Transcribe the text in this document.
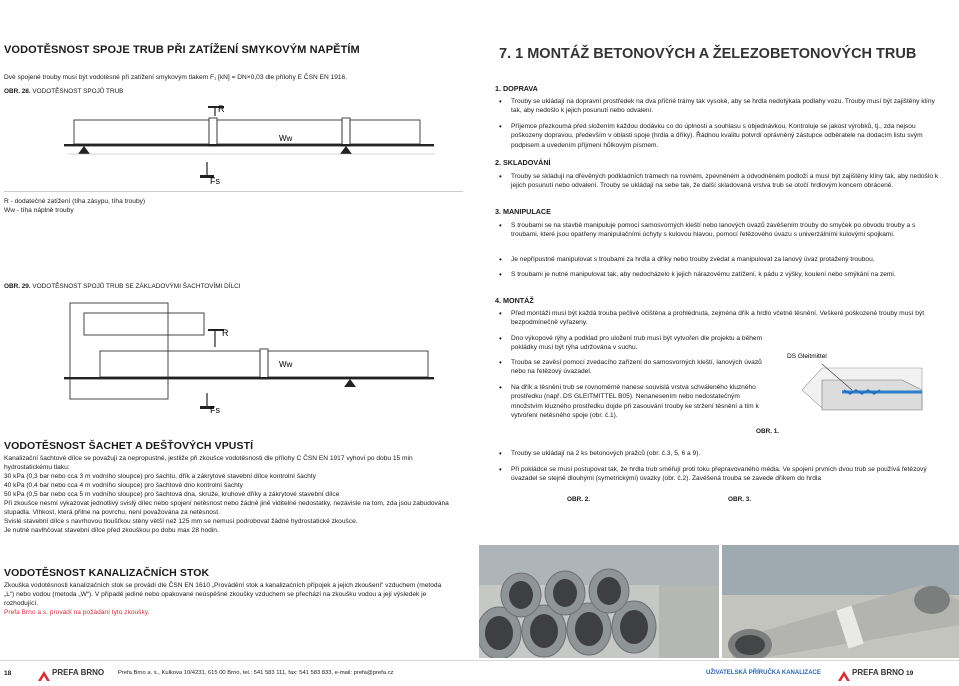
VODOTĚSNOST SPOJE TRUB PŘI ZATÍŽENÍ SMYKOVÝM NAPĚTÍM
Dvě spojené trouby musí být vodotěsné při zatížení smykovým tlakem F₁ [kN] = DN×0,03 dle přílohy E ČSN EN 1916.
OBR. 28. VODOTĚSNOST SPOJŮ TRUB
R
Ww
Fs
R - dodatečné zatížení (tíha zásypu, tíha trouby)
Ww - tíha náplně trouby
OBR. 29. VODOTĚSNOST SPOJŮ TRUB SE ZÁKLADOVÝMI ŠACHTOVÍMI DÍLCI
R
Ww
Fs
VODOTĚSNOST ŠACHET A DEŠŤOVÝCH VPUSTÍ
Kanalizační šachtové dílce se považují za nepropustné, jestliže při zkoušce vodotěsnosti dle přílohy C ČSN EN 1917 vyhoví po dobu 15 min hydrostatickému tlaku:
30 kPa (0,3 bar nebo cca 3 m vodního sloupce) pro šachtu, dřík a zákrytové stavební dílce kontrolní šachty
40 kPa (0,4 bar nebo cca 4 m vodního sloupce) pro šachtové dno kontrolní šachty
50 kPa (0,5 bar nebo cca 5 m vodního sloupce) pro šachtová dna, skruže, kruhové dříky a zákrytové stavební dílce
Při zkoušce nesmí vykazovat jednotlivý svislý dílec nebo spojení netěsnost nebo žádné jiné viditelné nedostatky, nezávisle na tom, zda jsou zabudována stupadla. Vlhkost, která přilne na povrchu, není považována za netěsnost.
Svislé stavební dílce s navrhovou tloušťkou stěny větší než 125 mm se nemusí podrobovat žádné hydrostatické zkoušce.
Je nutné navlhčovat stavební dílce před zkouškou po dobu max 28 hodin.
VODOTĚSNOST KANALIZAČNÍCH STOK
Zkouška vodotěsnosti kanalizačních stok se provádí dle ČSN EN 1610 „Provádění stok a kanalizačních přípojek a jejich zkoušení“ vzduchem (metoda „L“) nebo vodou (metoda „W“). V případě jediné nebo opakované neúspěšné zkoušky vzduchem se přechází na zkoušku vodou a její výsledek je rozhodující.
Prefa Brno a.s. provádí na požádání tyto zkoušky.
7. 1 MONTÁŽ BETONOVÝCH A ŽELEZOBETONOVÝCH TRUB
1. DOPRAVA
• Trouby se ukládají na dopravní prostředek na dva příčné trámy tak vysoké, aby se hrdla nedotýkala podlahy vozu. Trouby musí být zajištěny klíny tak, aby nedošlo k jejich posunutí nebo odvalení.
• Příjemce přezkoumá před složením každou dodávku co do úplnosti a souhlasu s objednávkou. Kontroluje se jakost výrobků, tj., zda nejsou poškozeny dopravou, především v oblasti spoje (hrdla a dříky). Řádnou kvalitu potvrdí oprávněný zástupce odběratele na dodacím listu svým podpisem a uvedením příjmení hůlkovým písmem.
2. SKLADOVÁNÍ
• Trouby se skladují na dřevěných podkladních trámech na rovném, zpevněném a odvodněném podloží a musí být zajištěny klíny tak, aby nedošlo k jejich posunutí nebo odvalení. Trouby se ukládají na sebe tak, že další skladovaná vrstva trub se otočí hrdlovým koncem obráceně.
3. MANIPULACE
• S troubami se na stavbě manipuluje pomocí samosvorných kleští nebo lanových úvazů zavěšením trouby do smyček po obvodu trouby a s troubami, které jsou opatřeny manipulačními úchyty s kulovou hlavou, pomocí řetězového úvazu s univerzálními kulovými spojkami.
• Je nepřípustné manipulovat s troubami za hrdla a dříky nebo trouby zvedat a manipulovat za lanový úvaz protažený troubou.
• S troubami je nutné manipulovat tak, aby nedocházelo k jejich nárazovému zatížení, k pádu z výšky, koulení nebo smýkání na zemi.
4. MONTÁŽ
• Před montáží musí být každá trouba pečlivě očištěna a prohlédnuta, zejména dřík a hrdlo včetně těsnění. Veškeré poškozené trouby musí být bezpodmínečně vyřazeny.
• Dno výkopové rýhy a podklad pro uložení trub musí být vytvořen dle projektu a během pokládky musí být rýha udržována v suchu.
• Trouba se zavěsí pomocí zvedacího zařízení do samosvorných kleští, lanových úvazů nebo na řetězový úvazadel.
• Na dřík a těsnění trub se rovnoměrně nanese souvislá vrstva schváleného kluzného prostředku (např. DS GLEITMITTEL B05). Nenanesením nebo nedostatečným množstvím kluzného prostředku dojde při zasouvání trouby ke stržení těsnění a tím k vytvoření netěsného spoje (obr. č.1).
• Trouby se ukládají na 2 ks betonových pražců (obr. č.3, 5, 6 a 9).
• Při pokládce se musí postupovat tak, že hrdla trub směřují proti toku přepravovaného média. Ve spojení prvních dvou trub se používá řetězový úvazadel se stejně dlouhými (symetrickými) úvazky (obr. č.2). Zavěšená trouba se zavede dříkem do hrdla
DS Gleitmittel
OBR. 1.
OBR. 2.	OBR. 3.
18	PREFA BRNO Prefa Brno a. s., Kulkova 10/4231, 615 00 Brno, tel.: 541 583 111, fax: 541 583 833, e-mail: prefa@prefa.cz	UŽIVATELSKÁ PŘÍRUČKA KANALIZACE	PREFA BRNO 19
